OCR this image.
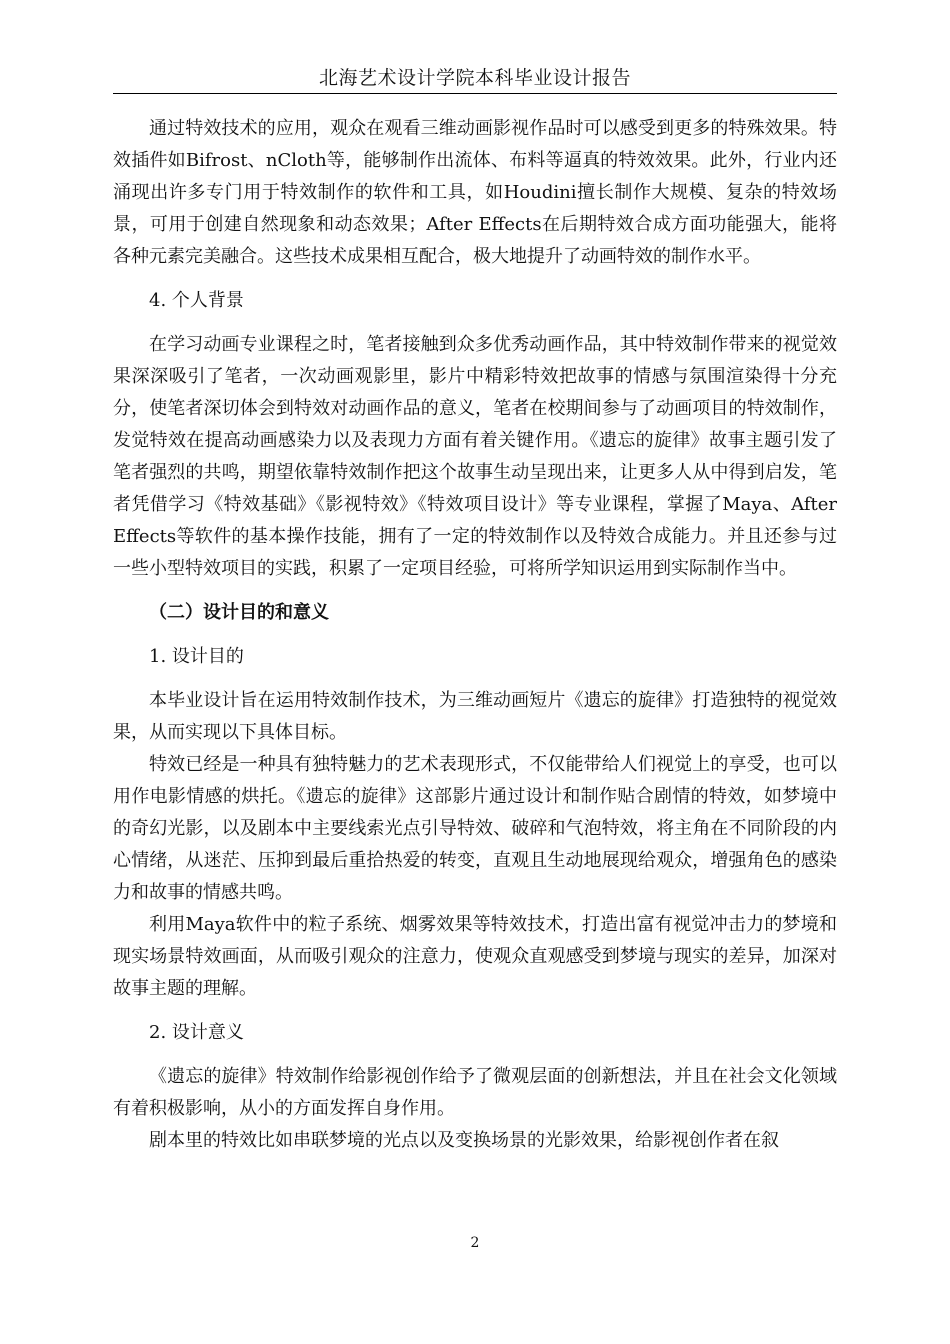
北海艺术设计学院本科毕业设计报告

通过特效技术的应用，观众在观看三维动画影视作品时可以感受到更多的特殊效果。特效插件如Bifrost、nCloth等，能够制作出流体、布料等逼真的特效效果。此外，行业内还涌现出许多专门用于特效制作的软件和工具，如Houdini擅长制作大规模、复杂的特效场景，可用于创建自然现象和动态效果；After Effects在后期特效合成方面功能强大，能将各种元素完美融合。这些技术成果相互配合，极大地提升了动画特效的制作水平。

4. 个人背景

在学习动画专业课程之时，笔者接触到众多优秀动画作品，其中特效制作带来的视觉效果深深吸引了笔者，一次动画观影里，影片中精彩特效把故事的情感与氛围渲染得十分充分，使笔者深切体会到特效对动画作品的意义，笔者在校期间参与了动画项目的特效制作，发觉特效在提高动画感染力以及表现力方面有着关键作用。《遗忘的旋律》故事主题引发了笔者强烈的共鸣，期望依靠特效制作把这个故事生动呈现出来，让更多人从中得到启发，笔者凭借学习《特效基础》《影视特效》《特效项目设计》等专业课程，掌握了Maya、After Effects等软件的基本操作技能，拥有了一定的特效制作以及特效合成能力。并且还参与过一些小型特效项目的实践，积累了一定项目经验，可将所学知识运用到实际制作当中。

（二）设计目的和意义

1. 设计目的

本毕业设计旨在运用特效制作技术，为三维动画短片《遗忘的旋律》打造独特的视觉效果，从而实现以下具体目标。

特效已经是一种具有独特魅力的艺术表现形式，不仅能带给人们视觉上的享受，也可以用作电影情感的烘托。《遗忘的旋律》这部影片通过设计和制作贴合剧情的特效，如梦境中的奇幻光影，以及剧本中主要线索光点引导特效、破碎和气泡特效，将主角在不同阶段的内心情绪，从迷茫、压抑到最后重拾热爱的转变，直观且生动地展现给观众，增强角色的感染力和故事的情感共鸣。

利用Maya软件中的粒子系统、烟雾效果等特效技术，打造出富有视觉冲击力的梦境和现实场景特效画面，从而吸引观众的注意力，使观众直观感受到梦境与现实的差异，加深对故事主题的理解。

2. 设计意义

《遗忘的旋律》特效制作给影视创作给予了微观层面的创新想法，并且在社会文化领域有着积极影响，从小的方面发挥自身作用。

剧本里的特效比如串联梦境的光点以及变换场景的光影效果，给影视创作者在叙

2
